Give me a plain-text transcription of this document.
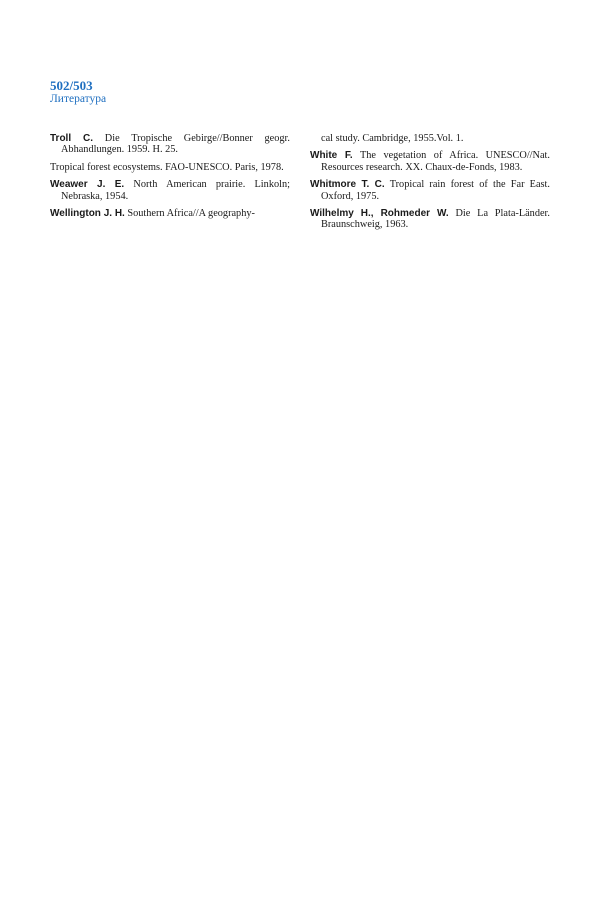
502/503
Литература

Troll C. Die Tropische Gebirge//Bonner geogr. Abhandlungen. 1959. H. 25.

Tropical forest ecosystems. FAO-UNESCO. Paris, 1978.

Weawer J. E. North American prairie. Linkoln; Nebraska, 1954.

Wellington J. H. Southern Africa//A geography-

cal study. Cambridge, 1955.Vol. 1.

White F. The vegetation of Africa. UNESCO//Nat. Resources research. XX. Chaux-de-Fonds, 1983.

Whitmore T. C. Tropical rain forest of the Far East. Oxford, 1975.

Wilhelmy H., Rohmeder W. Die La Plata-Länder. Braunschweig, 1963.
